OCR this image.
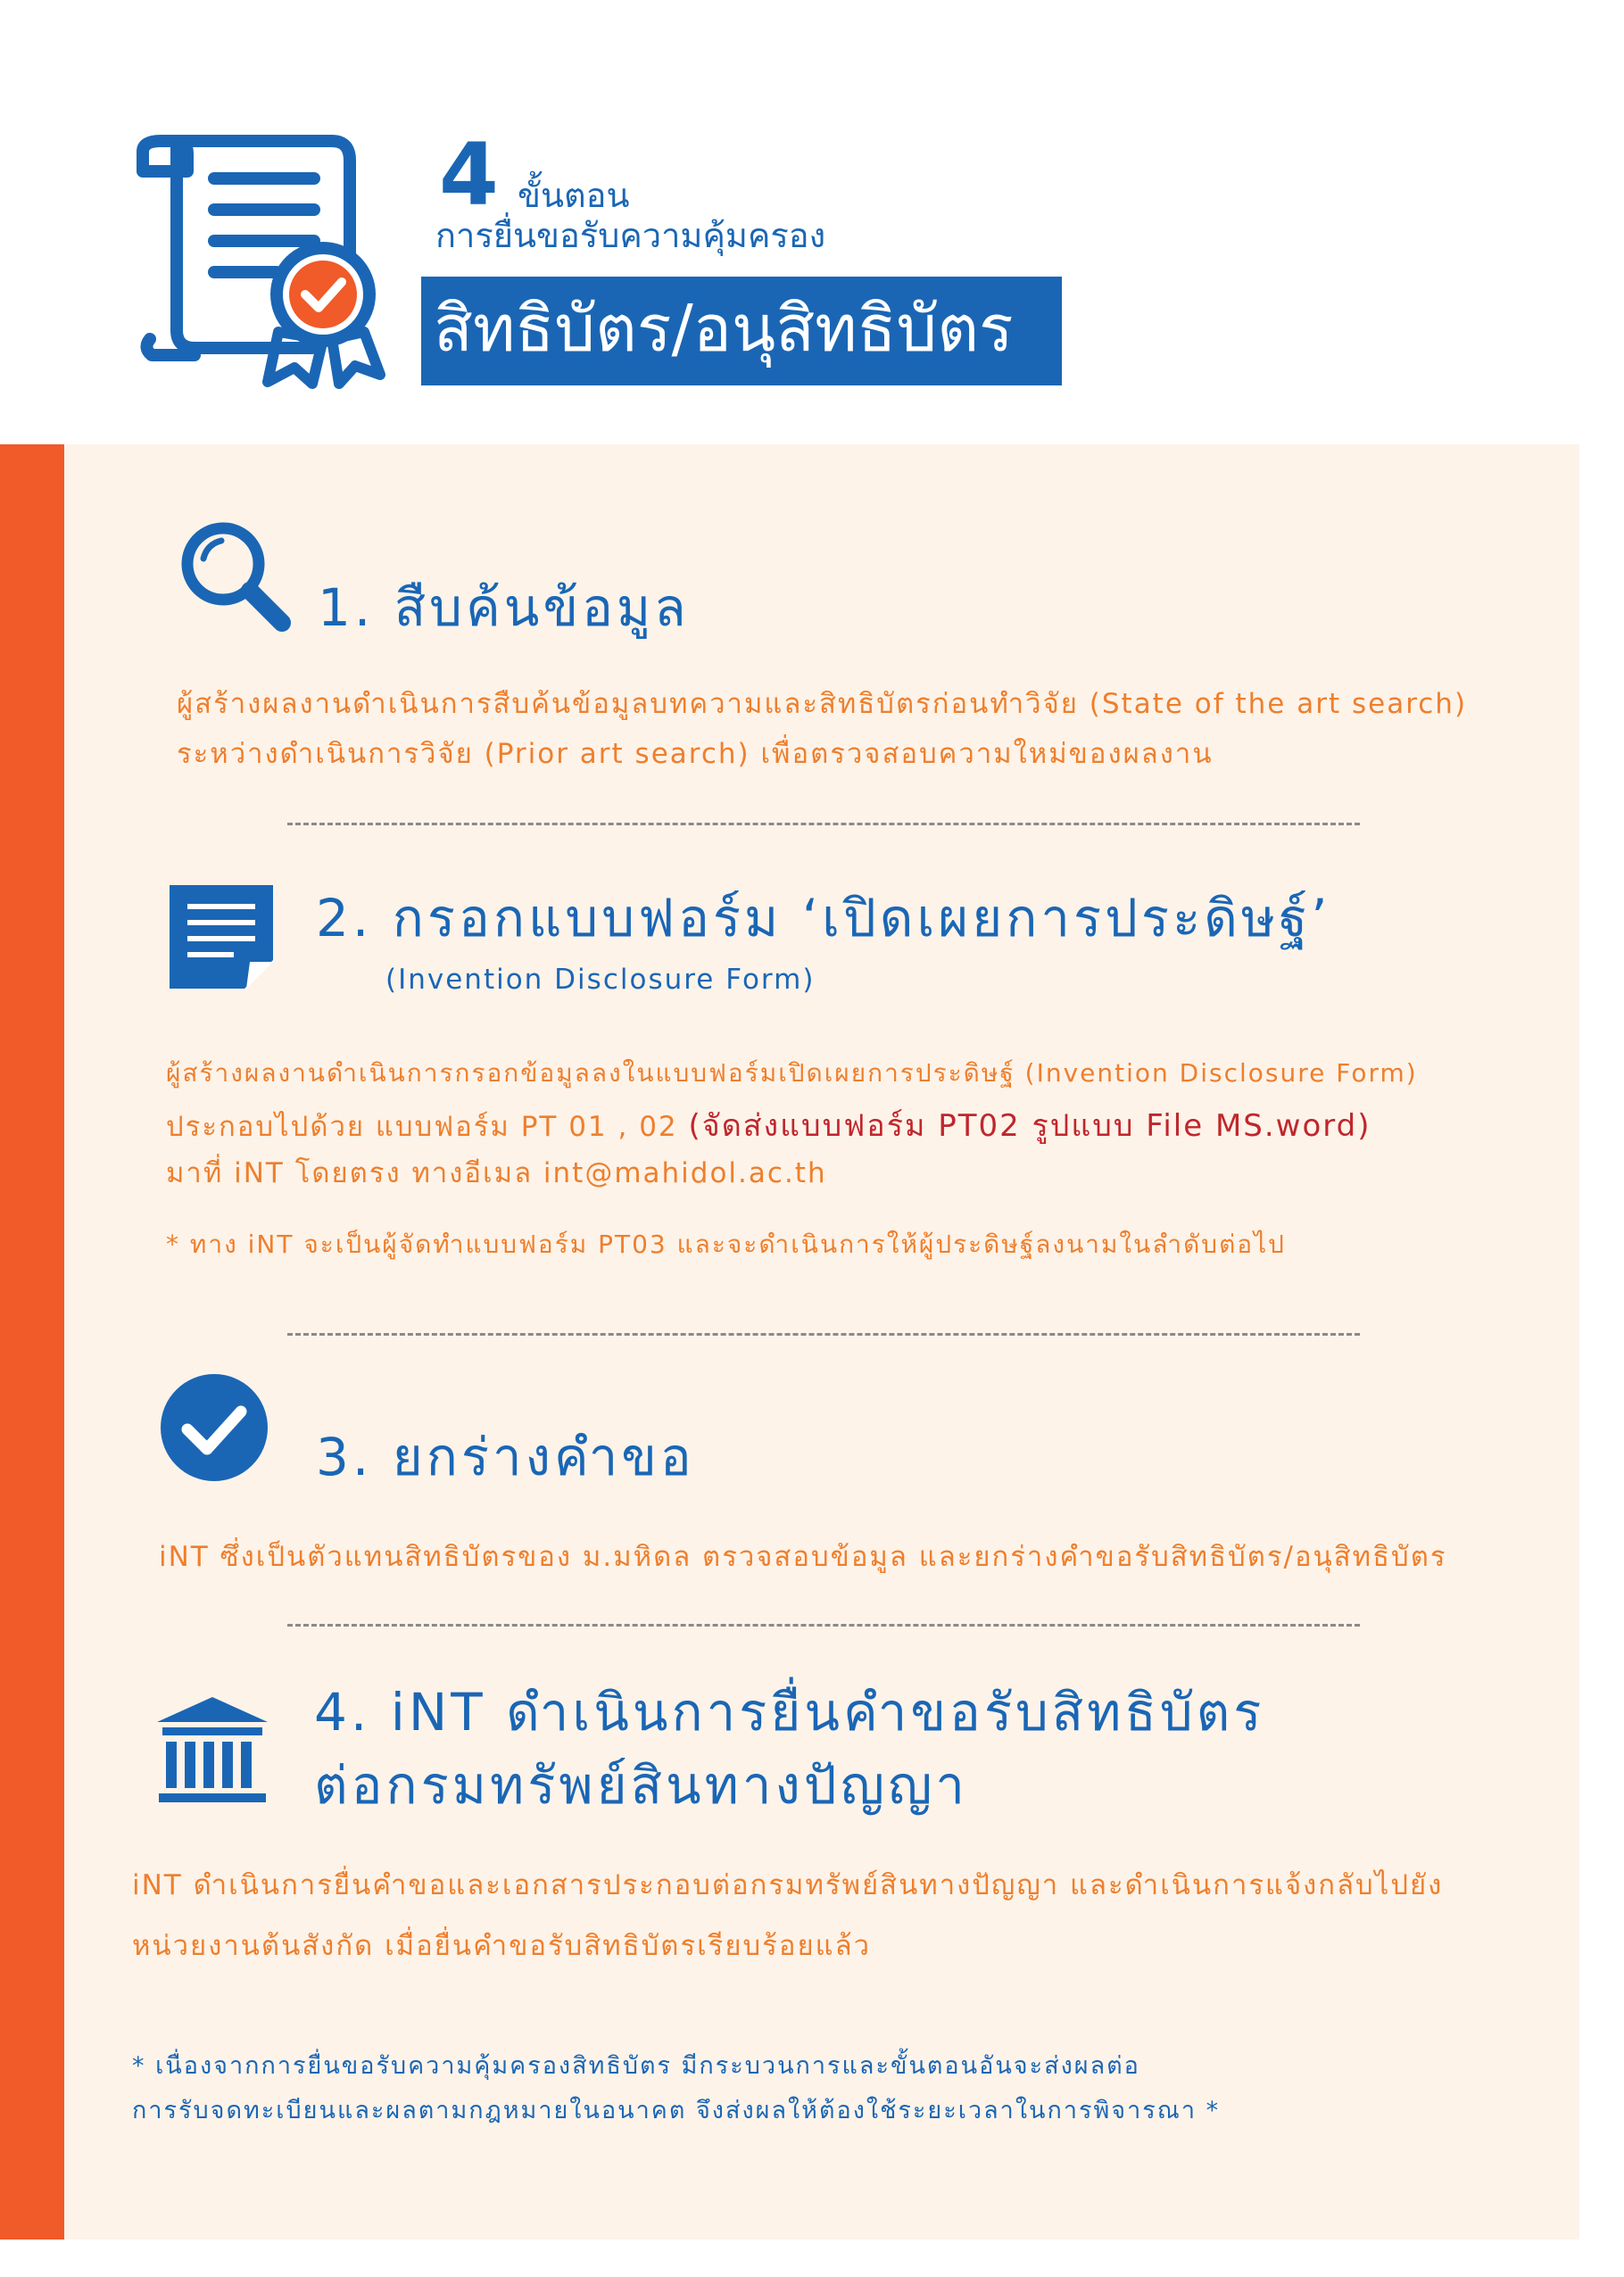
4 ขั้นตอน
การยื่นขอรับความคุ้มครอง
สิทธิบัตร/อนุสิทธิบัตร
1. สืบค้นข้อมูล
ผู้สร้างผลงานดำเนินการสืบค้นข้อมูลบทความและสิทธิบัตรก่อนทำวิจัย (State of the art search)
ระหว่างดำเนินการวิจัย (Prior art search) เพื่อตรวจสอบความใหม่ของผลงาน
2. กรอกแบบฟอร์ม ‘เปิดเผยการประดิษฐ์’
(Invention Disclosure Form)
ผู้สร้างผลงานดำเนินการกรอกข้อมูลลงในแบบฟอร์มเปิดเผยการประดิษฐ์ (Invention Disclosure Form)
ประกอบไปด้วย แบบฟอร์ม PT 01 , 02 (จัดส่งแบบฟอร์ม PT02 รูปแบบ File MS.word)
มาที่ iNT โดยตรง ทางอีเมล int@mahidol.ac.th
* ทาง iNT จะเป็นผู้จัดทำแบบฟอร์ม PT03 และจะดำเนินการให้ผู้ประดิษฐ์ลงนามในลำดับต่อไป
3. ยกร่างคำขอ
iNT ซึ่งเป็นตัวแทนสิทธิบัตรของ ม.มหิดล ตรวจสอบข้อมูล และยกร่างคำขอรับสิทธิบัตร/อนุสิทธิบัตร
4. iNT ดำเนินการยื่นคำขอรับสิทธิบัตร
ต่อกรมทรัพย์สินทางปัญญา
iNT ดำเนินการยื่นคำขอและเอกสารประกอบต่อกรมทรัพย์สินทางปัญญา และดำเนินการแจ้งกลับไปยัง
หน่วยงานต้นสังกัด เมื่อยื่นคำขอรับสิทธิบัตรเรียบร้อยแล้ว
* เนื่องจากการยื่นขอรับความคุ้มครองสิทธิบัตร มีกระบวนการและขั้นตอนอันจะส่งผลต่อ
การรับจดทะเบียนและผลตามกฎหมายในอนาคต จึงส่งผลให้ต้องใช้ระยะเวลาในการพิจารณา *
